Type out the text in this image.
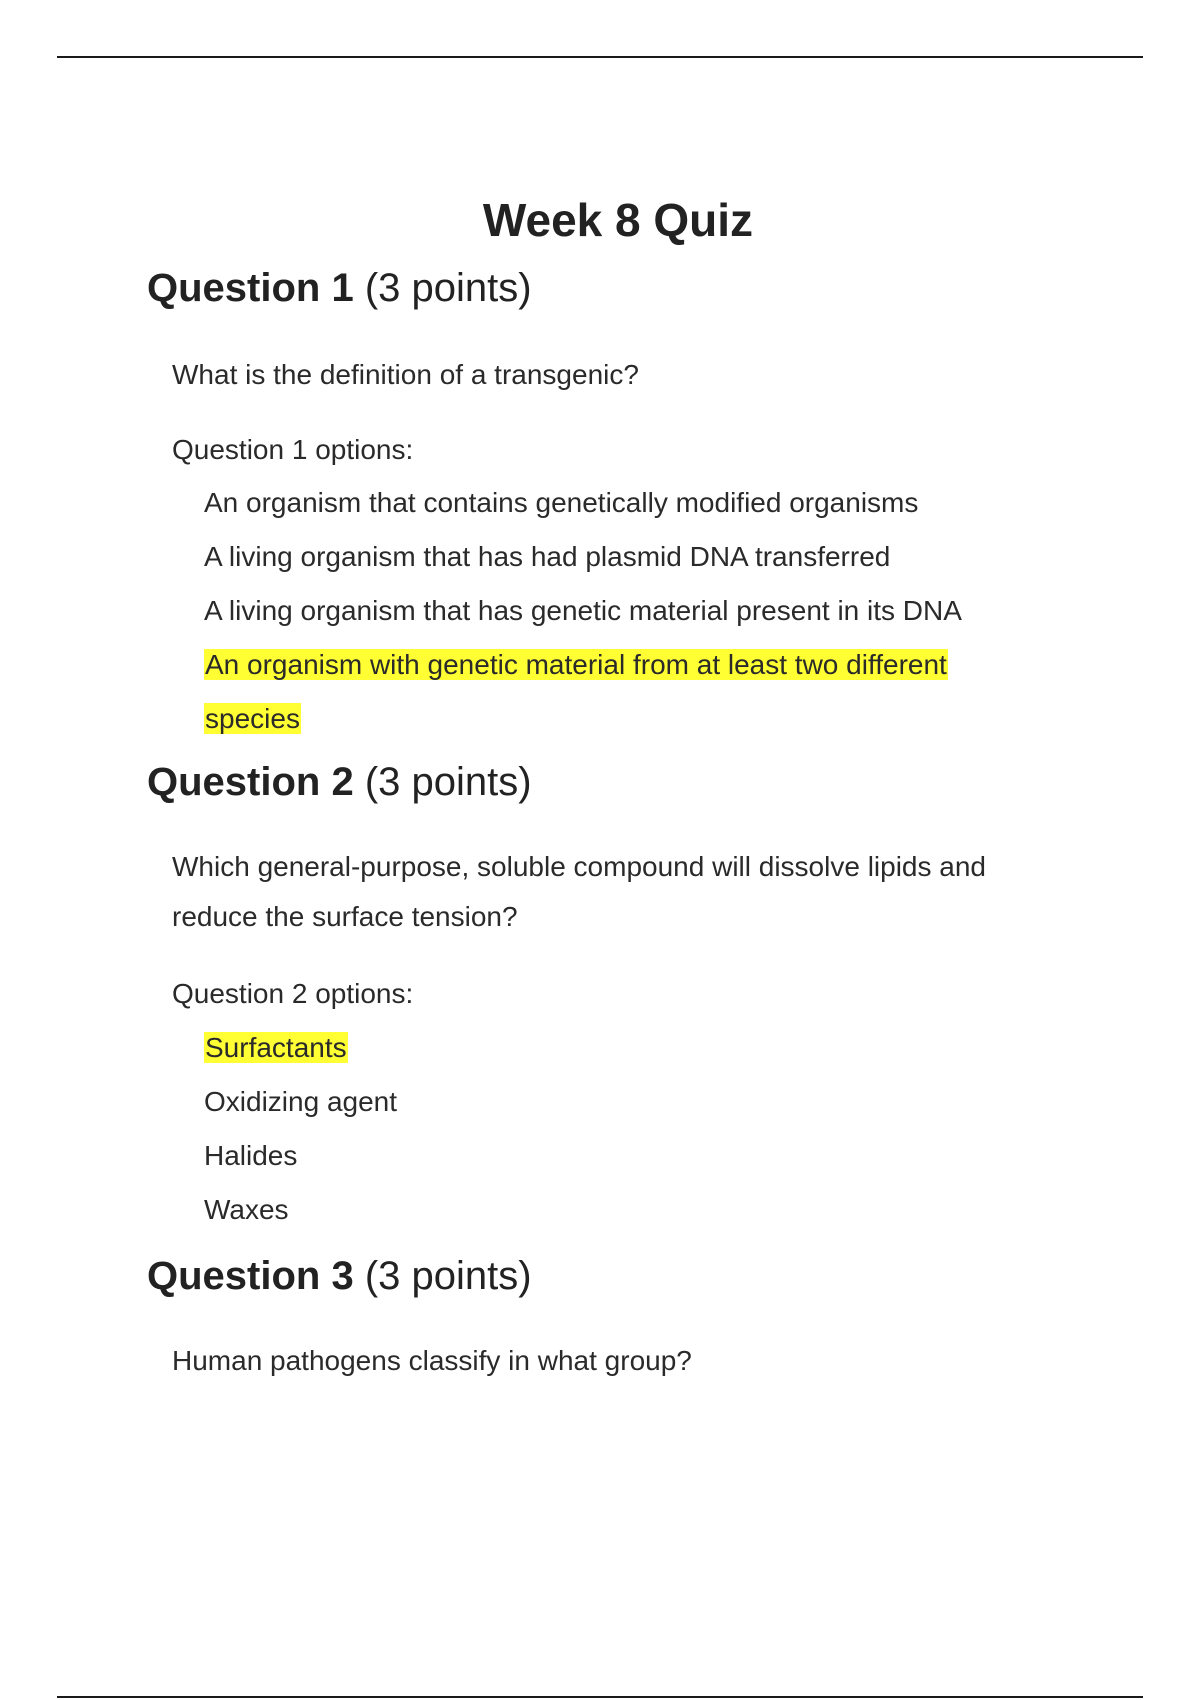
Week 8 Quiz
Question 1 (3 points)

What is the definition of a transgenic?

Question 1 options:

An organism that contains genetically modified organisms
A living organism that has had plasmid DNA transferred
A living organism that has genetic material present in its DNA
An organism with genetic material from at least two different species
Question 2 (3 points)

Which general-purpose, soluble compound will dissolve lipids and reduce the surface tension?

Question 2 options:

Surfactants
Oxidizing agent
Halides
Waxes
Question 3 (3 points)

Human pathogens classify in what group?
